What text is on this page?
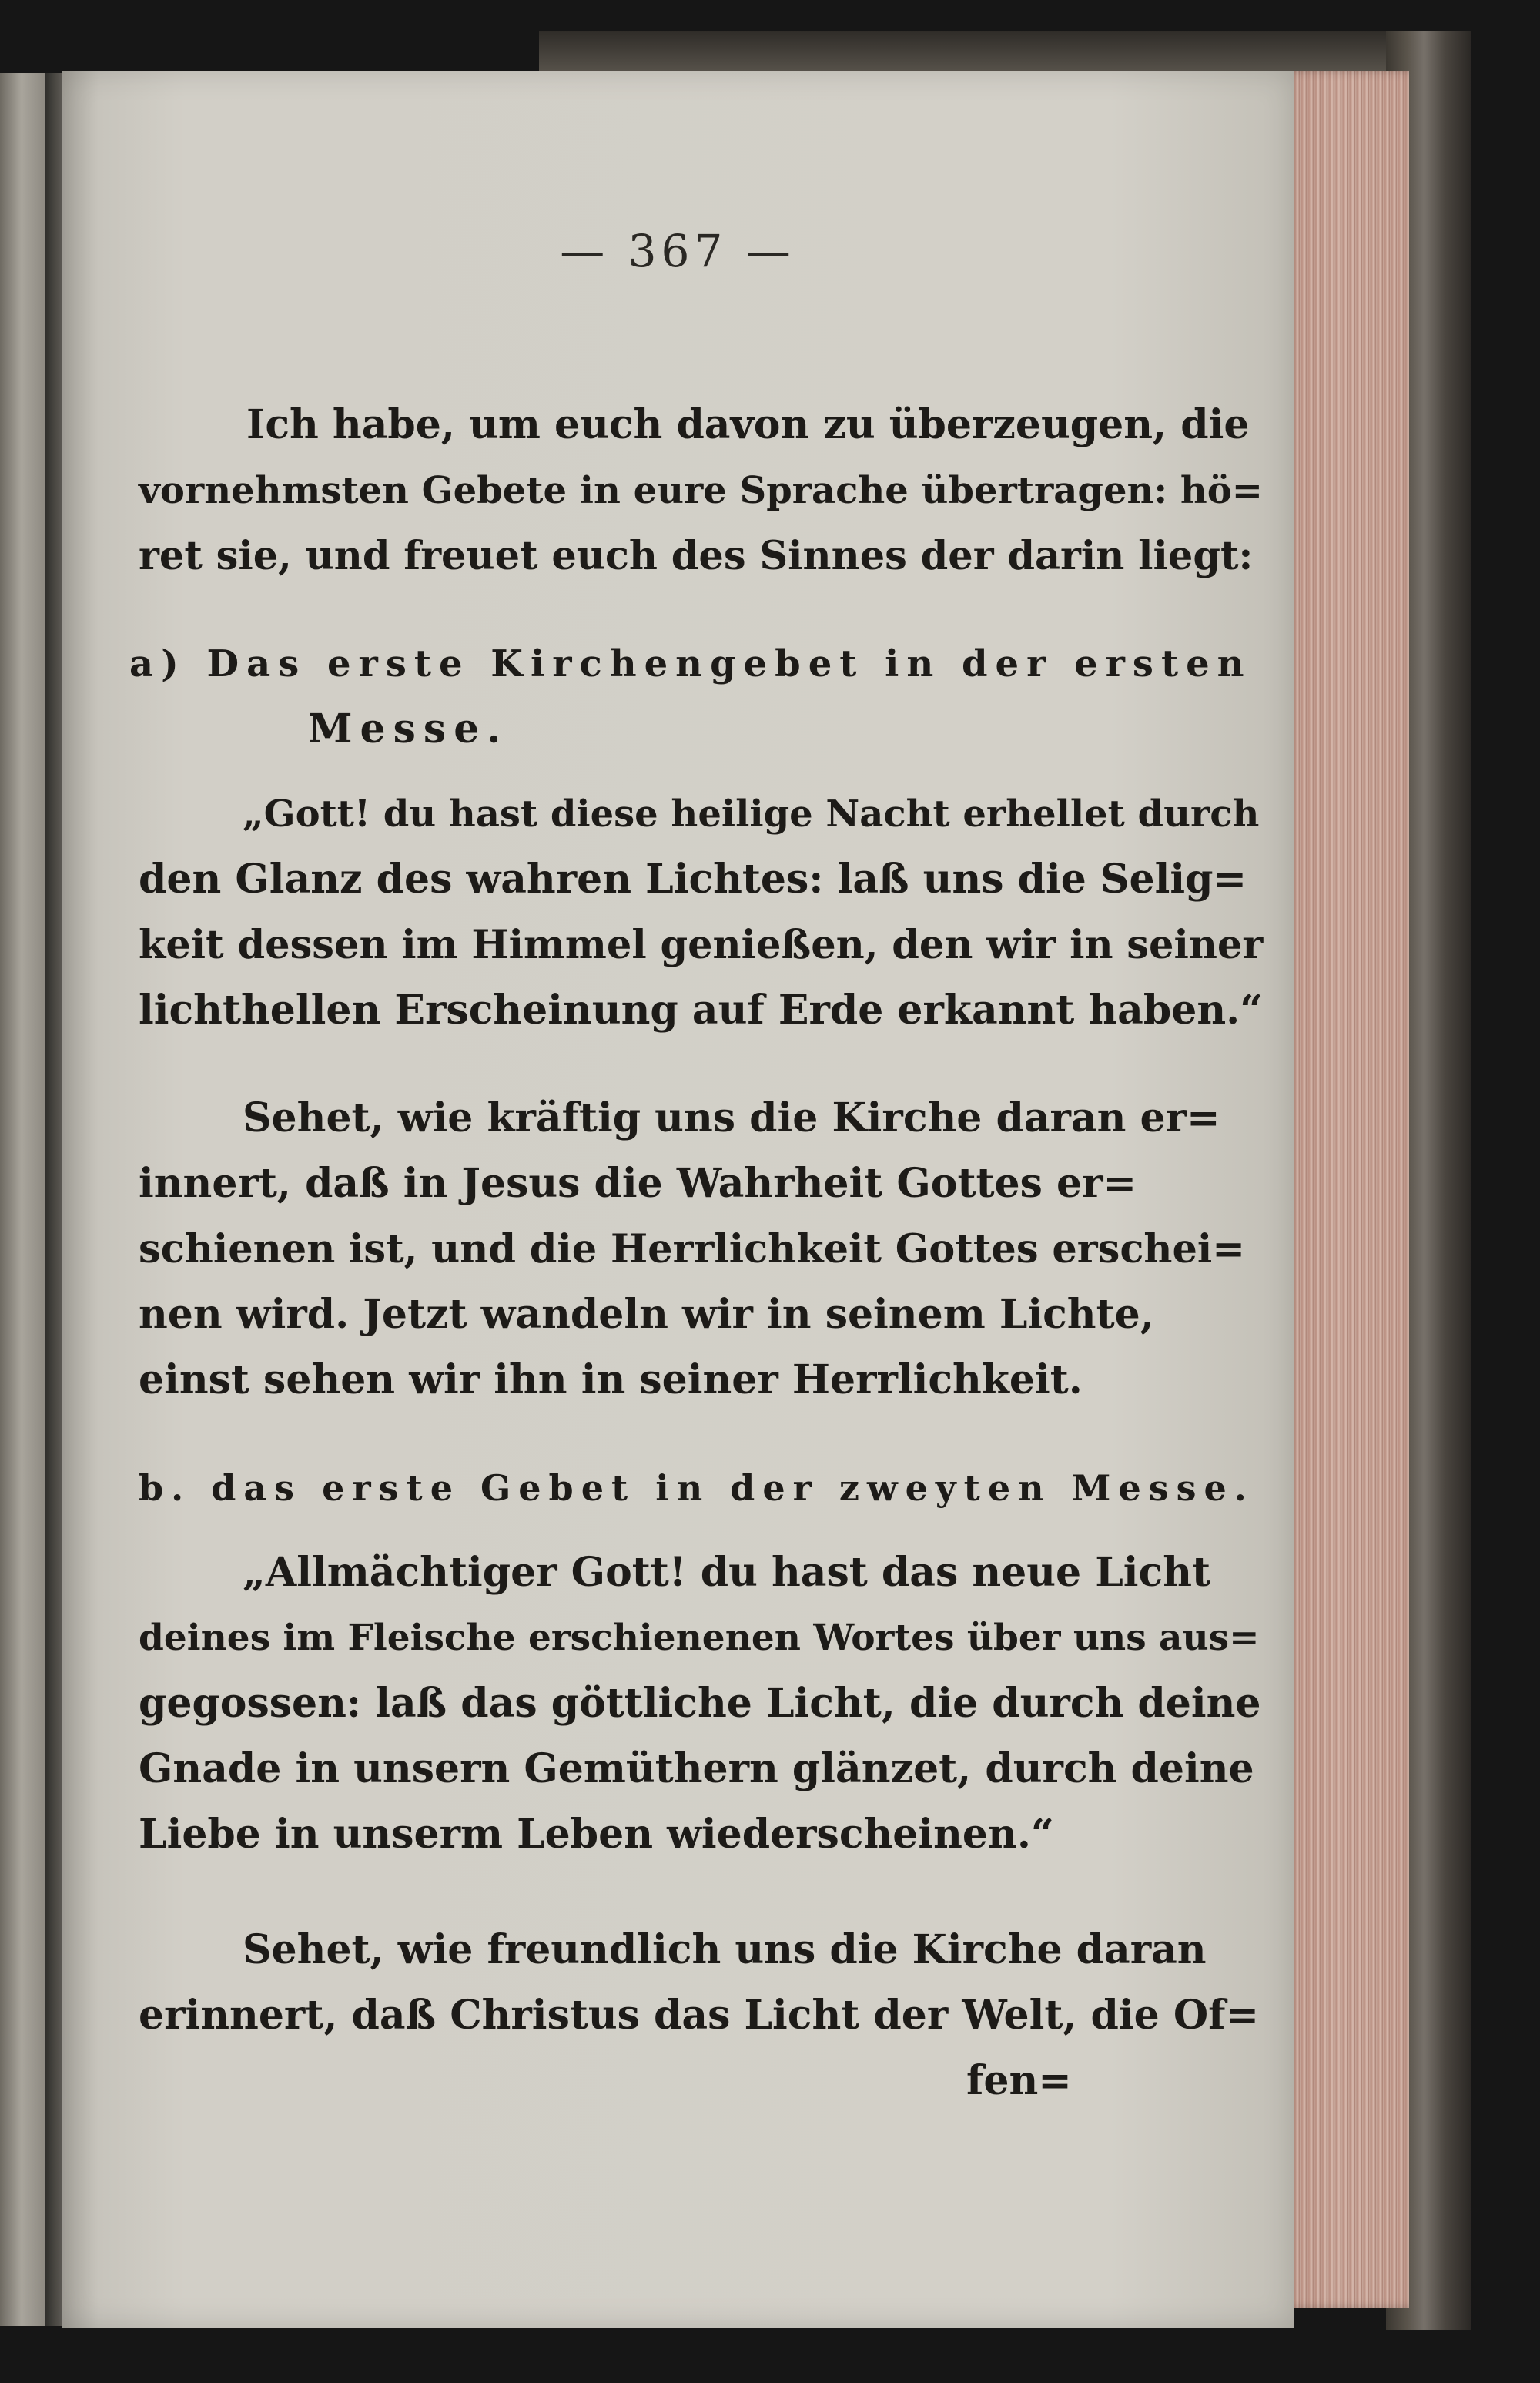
— 367 —
Ich habe, um euch davon zu überzeugen, die
vornehmsten Gebete in eure Sprache übertragen: hö=
ret sie, und freuet euch des Sinnes der darin liegt:
a) Das erste Kirchengebet in der ersten
Messe.
„Gott! du hast diese heilige Nacht erhellet durch
den Glanz des wahren Lichtes: laß uns die Selig=
keit dessen im Himmel genießen, den wir in seiner
lichthellen Erscheinung auf Erde erkannt haben.“
Sehet, wie kräftig uns die Kirche daran er=
innert, daß in Jesus die Wahrheit Gottes er=
schienen ist, und die Herrlichkeit Gottes erschei=
nen wird. Jetzt wandeln wir in seinem Lichte,
einst sehen wir ihn in seiner Herrlichkeit.
b. das erste Gebet in der zweyten Messe.
„Allmächtiger Gott! du hast das neue Licht
deines im Fleische erschienenen Wortes über uns aus=
gegossen: laß das göttliche Licht, die durch deine
Gnade in unsern Gemüthern glänzet, durch deine
Liebe in unserm Leben wiederscheinen.“
Sehet, wie freundlich uns die Kirche daran
erinnert, daß Christus das Licht der Welt, die Of=
fen=
